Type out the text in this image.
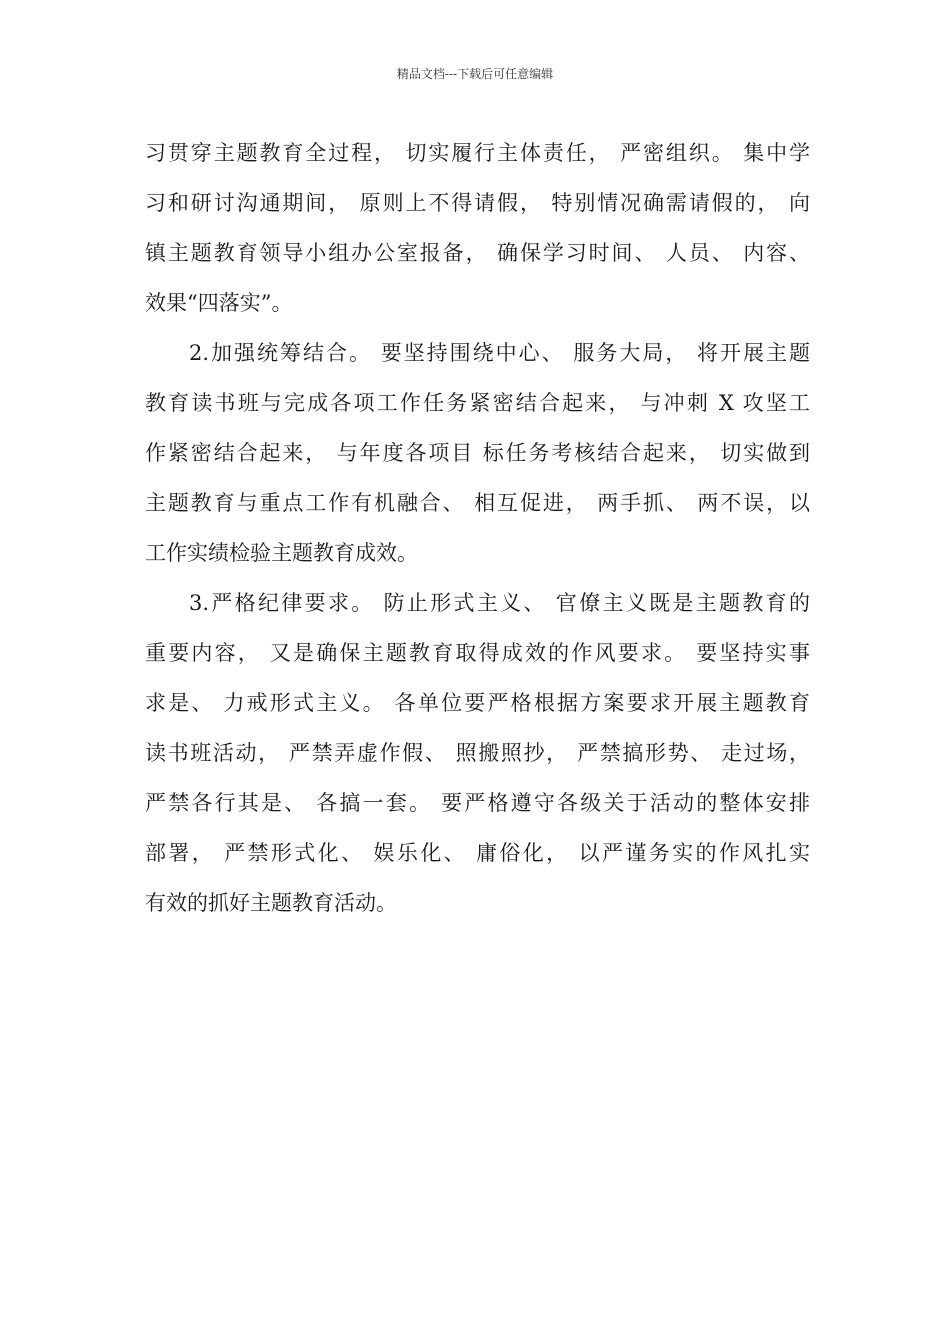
精品文档---下载后可任意编辑
习贯穿主题教育全过程， 切实履行主体责任， 严密组织。 集中学
习和研讨沟通期间， 原则上不得请假， 特别情况确需请假的， 向
镇主题教育领导小组办公室报备， 确保学习时间、 人员、 内容、
效果“四落实”。
2.加强统筹结合。 要坚持围绕中心、 服务大局， 将开展主题
教育读书班与完成各项工作任务紧密结合起来， 与冲刺 X 攻坚工
作紧密结合起来， 与年度各项目 标任务考核结合起来， 切实做到
主题教育与重点工作有机融合、 相互促进， 两手抓、 两不误，以
工作实绩检验主题教育成效。
3.严格纪律要求。 防止形式主义、 官僚主义既是主题教育的
重要内容， 又是确保主题教育取得成效的作风要求。 要坚持实事
求是、 力戒形式主义。 各单位要严格根据方案要求开展主题教育
读书班活动， 严禁弄虚作假、 照搬照抄， 严禁搞形势、 走过场，
严禁各行其是、 各搞一套。 要严格遵守各级关于活动的整体安排
部署， 严禁形式化、 娱乐化、 庸俗化， 以严谨务实的作风扎实
有效的抓好主题教育活动。
